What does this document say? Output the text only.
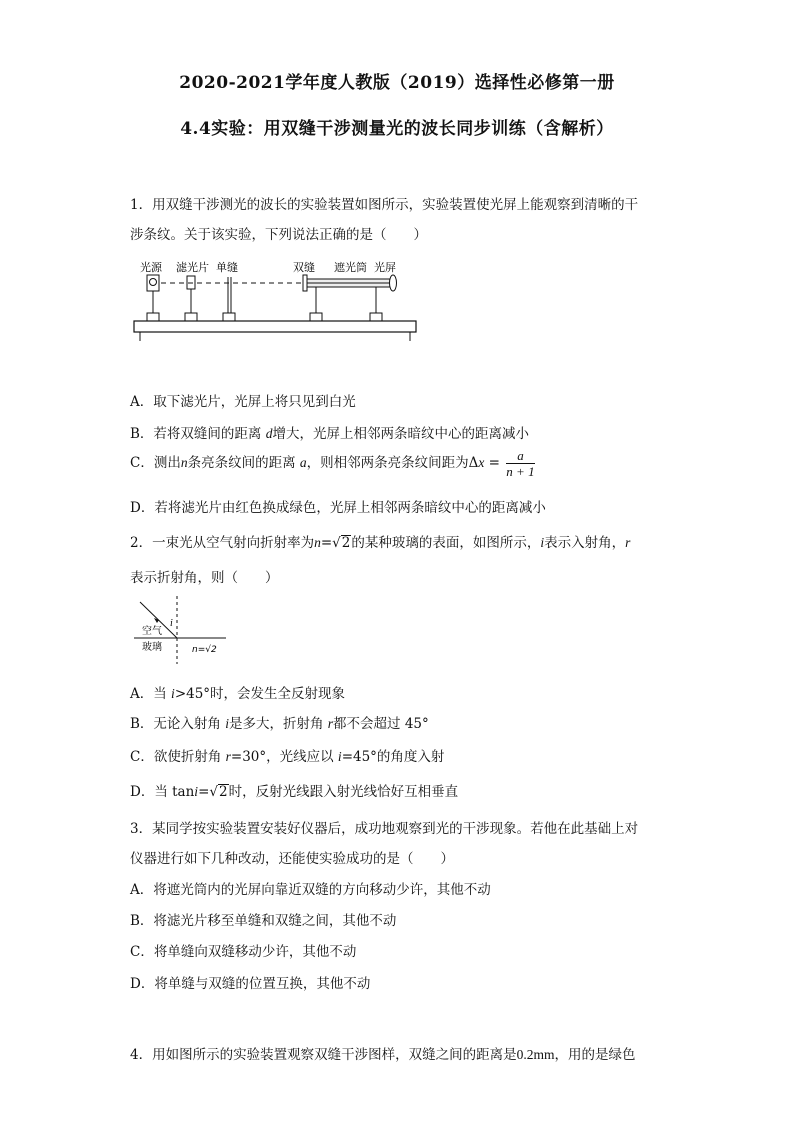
2020-2021学年度人教版（2019）选择性必修第一册
4.4实验：用双缝干涉测量光的波长同步训练（含解析）
1．用双缝干涉测光的波长的实验装置如图所示，实验装置使光屏上能观察到清晰的干
涉条纹。关于该实验，下列说法正确的是（　　）
光源 滤光片 单缝	双缝 遮光筒 光屏
A．取下滤光片，光屏上将只见到白光
B．若将双缝间的距离 d增大，光屏上相邻两条暗纹中心的距离减小
C．测出n条亮条纹间的距离 a，则相邻两条亮条纹间距为$\Delta x = \frac{a}{n + 1}$
D．若将滤光片由红色换成绿色，光屏上相邻两条暗纹中心的距离减小
2．一束光从空气射向折射率为n=√2的某种玻璃的表面，如图所示，i表示入射角，r
表示折射角，则（　　）
i
空气
玻璃	n=√2
A．当 i>45°时，会发生全反射现象
B．无论入射角 i是多大，折射角 r都不会超过 45°
C．欲使折射角 r=30°，光线应以 i=45°的角度入射
D．当 tani=√2时，反射光线跟入射光线恰好互相垂直
3．某同学按实验装置安装好仪器后，成功地观察到光的干涉现象。若他在此基础上对
仪器进行如下几种改动，还能使实验成功的是（　　）
A．将遮光筒内的光屏向靠近双缝的方向移动少许，其他不动
B．将滤光片移至单缝和双缝之间，其他不动
C．将单缝向双缝移动少许，其他不动
D．将单缝与双缝的位置互换，其他不动
4．用如图所示的实验装置观察双缝干涉图样，双缝之间的距离是0.2mm，用的是绿色
